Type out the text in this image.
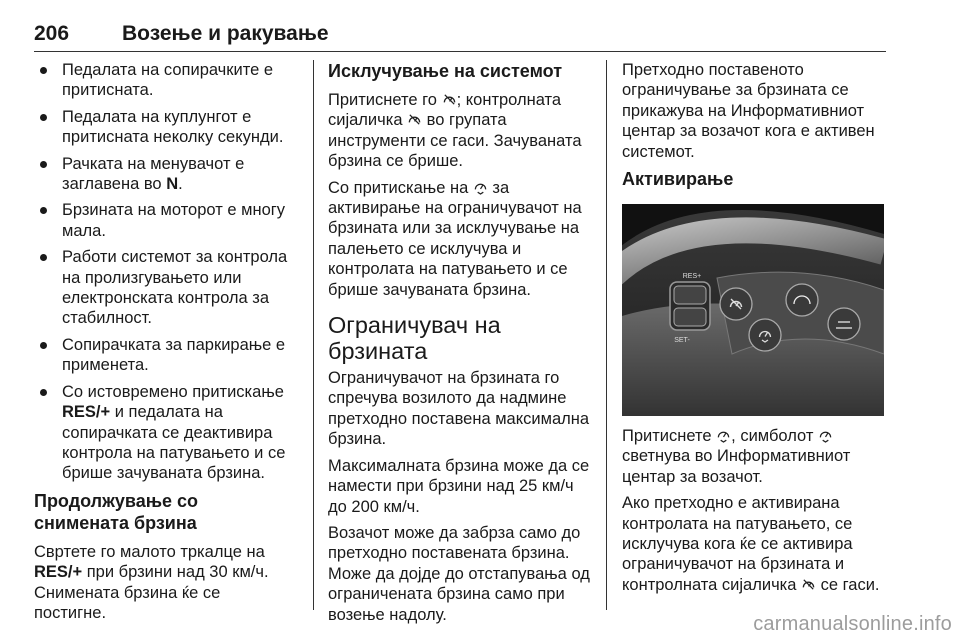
206	Возење и ракување
Педалата на сопирачките е притисната.
Педалата на куплунгот е притисната неколку секунди.
Рачката на менувачот е заглавена во N.
Брзината на моторот е многу мала.
Работи системот за контрола на пролизгувањето или електронската контрола за стабилност.
Сопирачката за паркирање е применета.
Со истовремено притискање RES/+ и педалата на сопирачката се деактивира контрола на патувањето и се брише зачуваната брзина.
Продолжување со снимената брзина

Свртете го малото тркалце на RES/+ при брзини над 30 км/ч. Снимената брзина ќе се постигне.

Исклучување на системот

Притиснете го ; контролната сијаличка  во групата инструменти се гаси. Зачуваната брзина се брише.

Со притискање на  за активирање на ограничувачот на брзината или за исклучување на палењето се исклучува и контролата на патувањето и се брише зачуваната брзина.

Ограничувач на брзината

Ограничувачот на брзината го спречува возилото да надмине претходно поставена максимална брзина.

Максималната брзина може да се намести при брзини над 25 км/ч до 200 км/ч.

Возачот може да забрза само до претходно поставената брзина. Може да дојде до отстапувања од ограничената брзина само при возење надолу.

Претходно поставеното ограничување за брзината се прикажува на Информативниот центар за возачот кога е активен системот.

Активирање
RES+
SET-

Притиснете , симболот  светнува во Информативниот центар за возачот.

Ако претходно е активирана контролата на патувањето, се исклучува кога ќе се активира ограничувачот на брзината и контролната сијаличка  се гаси.

carmanualsonline.info
